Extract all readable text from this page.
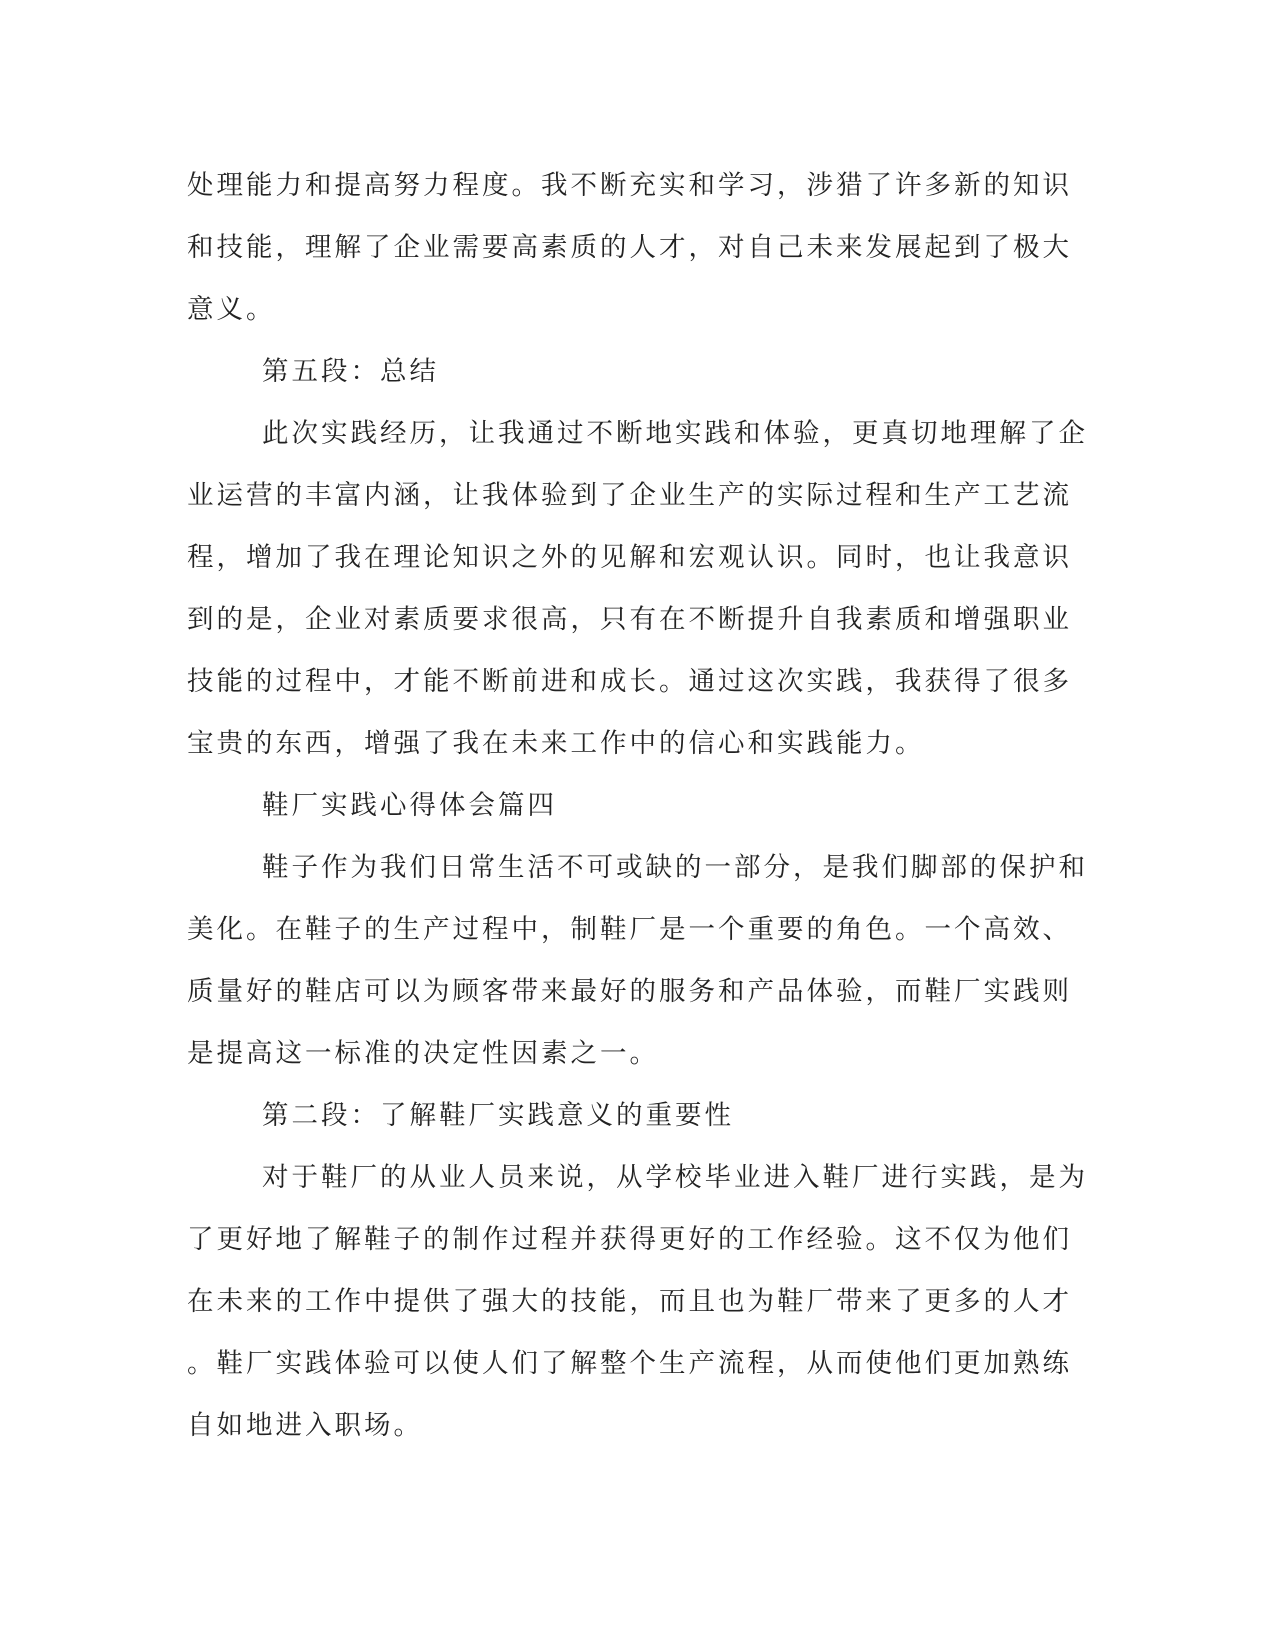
处理能力和提高努力程度。我不断充实和学习，涉猎了许多新的知识
和技能，理解了企业需要高素质的人才，对自己未来发展起到了极大
意义。
第五段：总结
此次实践经历，让我通过不断地实践和体验，更真切地理解了企
业运营的丰富内涵，让我体验到了企业生产的实际过程和生产工艺流
程，增加了我在理论知识之外的见解和宏观认识。同时，也让我意识
到的是，企业对素质要求很高，只有在不断提升自我素质和增强职业
技能的过程中，才能不断前进和成长。通过这次实践，我获得了很多
宝贵的东西，增强了我在未来工作中的信心和实践能力。
鞋厂实践心得体会篇四
鞋子作为我们日常生活不可或缺的一部分，是我们脚部的保护和
美化。在鞋子的生产过程中，制鞋厂是一个重要的角色。一个高效、
质量好的鞋店可以为顾客带来最好的服务和产品体验，而鞋厂实践则
是提高这一标准的决定性因素之一。
第二段：了解鞋厂实践意义的重要性
对于鞋厂的从业人员来说，从学校毕业进入鞋厂进行实践，是为
了更好地了解鞋子的制作过程并获得更好的工作经验。这不仅为他们
在未来的工作中提供了强大的技能，而且也为鞋厂带来了更多的人才
。鞋厂实践体验可以使人们了解整个生产流程，从而使他们更加熟练
自如地进入职场。
